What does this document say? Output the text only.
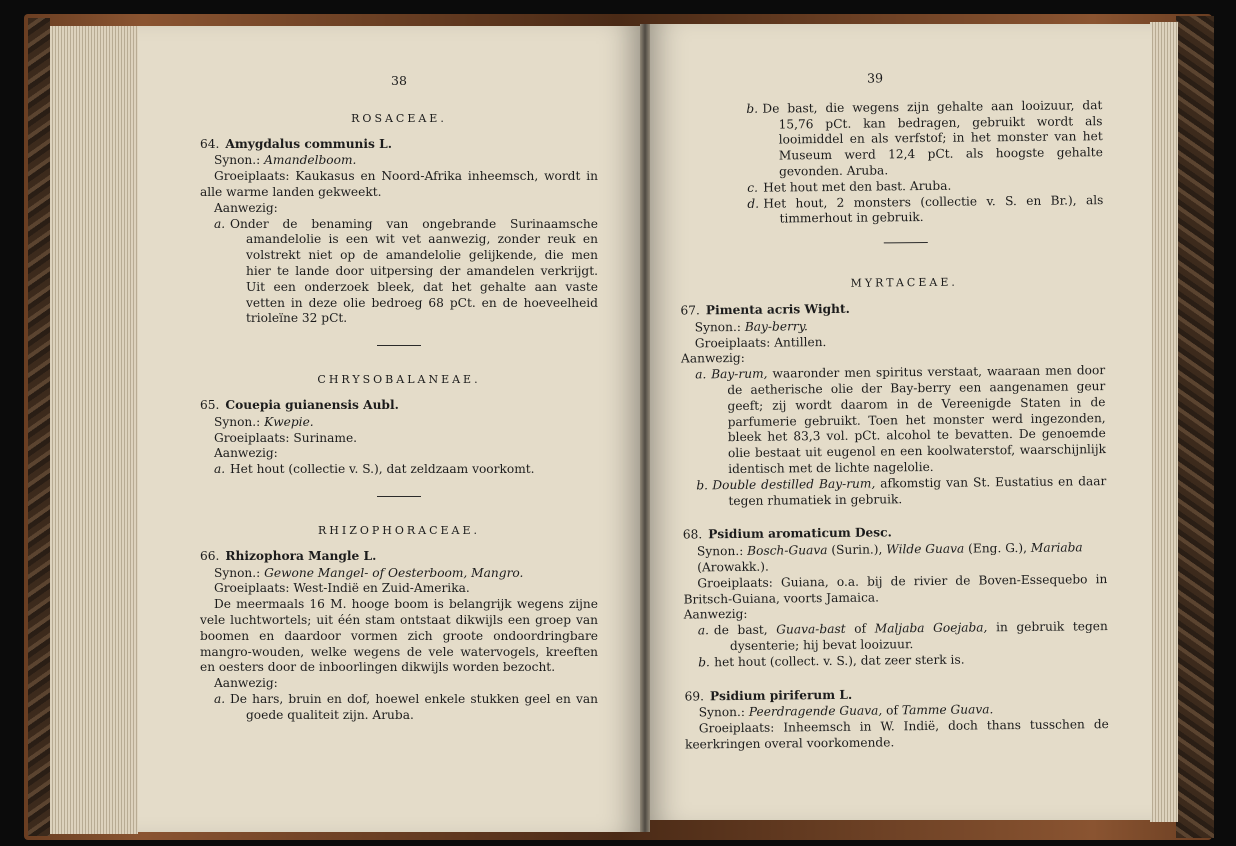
38
ROSACEAE.

64. Amygdalus communis L.

Synon.: Amandelboom.

Groeiplaats: Kaukasus en Noord-Afrika inheemsch, wordt in alle warme landen gekweekt.

Aanwezig:

a. Onder de benaming van ongebrande Surinaamsche amandelolie is een wit vet aanwezig, zonder reuk en volstrekt niet op de amandelolie gelijkende, die men hier te lande door uitpersing der amandelen verkrijgt. Uit een onderzoek bleek, dat het gehalte aan vaste vetten in deze olie bedroeg 68 pCt. en de hoeveelheid trioleïne 32 pCt.

CHRYSOBALANEAE.

65. Couepia guianensis Aubl.

Synon.: Kwepie.

Groeiplaats: Suriname.

Aanwezig:

a. Het hout (collectie v. S.), dat zeldzaam voorkomt.

RHIZOPHORACEAE.

66. Rhizophora Mangle L.

Synon.: Gewone Mangel- of Oesterboom, Mangro.

Groeiplaats: West-Indië en Zuid-Amerika.

De meermaals 16 M. hooge boom is belangrijk wegens zijne vele luchtwortels; uit één stam ontstaat dikwijls een groep van boomen en daardoor vormen zich groote ondoordringbare mangro-wouden, welke wegens de vele watervogels, kreeften en oesters door de inboorlingen dikwijls worden bezocht.

Aanwezig:

a. De hars, bruin en dof, hoewel enkele stukken geel en van goede qualiteit zijn. Aruba.

39

b. De bast, die wegens zijn gehalte aan looizuur, dat 15,76 pCt. kan bedragen, gebruikt wordt als looimiddel en als verfstof; in het monster van het Museum werd 12,4 pCt. als hoogste gehalte gevonden. Aruba.

c. Het hout met den bast. Aruba.

d. Het hout, 2 monsters (collectie v. S. en Br.), als timmerhout in gebruik.

MYRTACEAE.

67. Pimenta acris Wight.

Synon.: Bay-berry.

Groeiplaats: Antillen.

Aanwezig:

a. Bay-rum, waaronder men spiritus verstaat, waaraan men door de aetherische olie der Bay-berry een aangenamen geur geeft; zij wordt daarom in de Vereenigde Staten in de parfumerie gebruikt. Toen het monster werd ingezonden, bleek het 83,3 vol. pCt. alcohol te bevatten. De genoemde olie bestaat uit eugenol en een koolwaterstof, waarschijnlijk identisch met de lichte nagelolie.

b. Double destilled Bay-rum, afkomstig van St. Eustatius en daar tegen rhumatiek in gebruik.

68. Psidium aromaticum Desc.

Synon.: Bosch-Guava (Surin.), Wilde Guava (Eng. G.), Mariaba (Arowakk.).

Groeiplaats: Guiana, o.a. bij de rivier de Boven-Essequebo in Britsch-Guiana, voorts Jamaica.

Aanwezig:

a. de bast, Guava-bast of Maljaba Goejaba, in gebruik tegen dysenterie; hij bevat looizuur.

b. het hout (collect. v. S.), dat zeer sterk is.

69. Psidium piriferum L.

Synon.: Peerdragende Guava, of Tamme Guava.

Groeiplaats: Inheemsch in W. Indië, doch thans tusschen de keerkringen overal voorkomende.
